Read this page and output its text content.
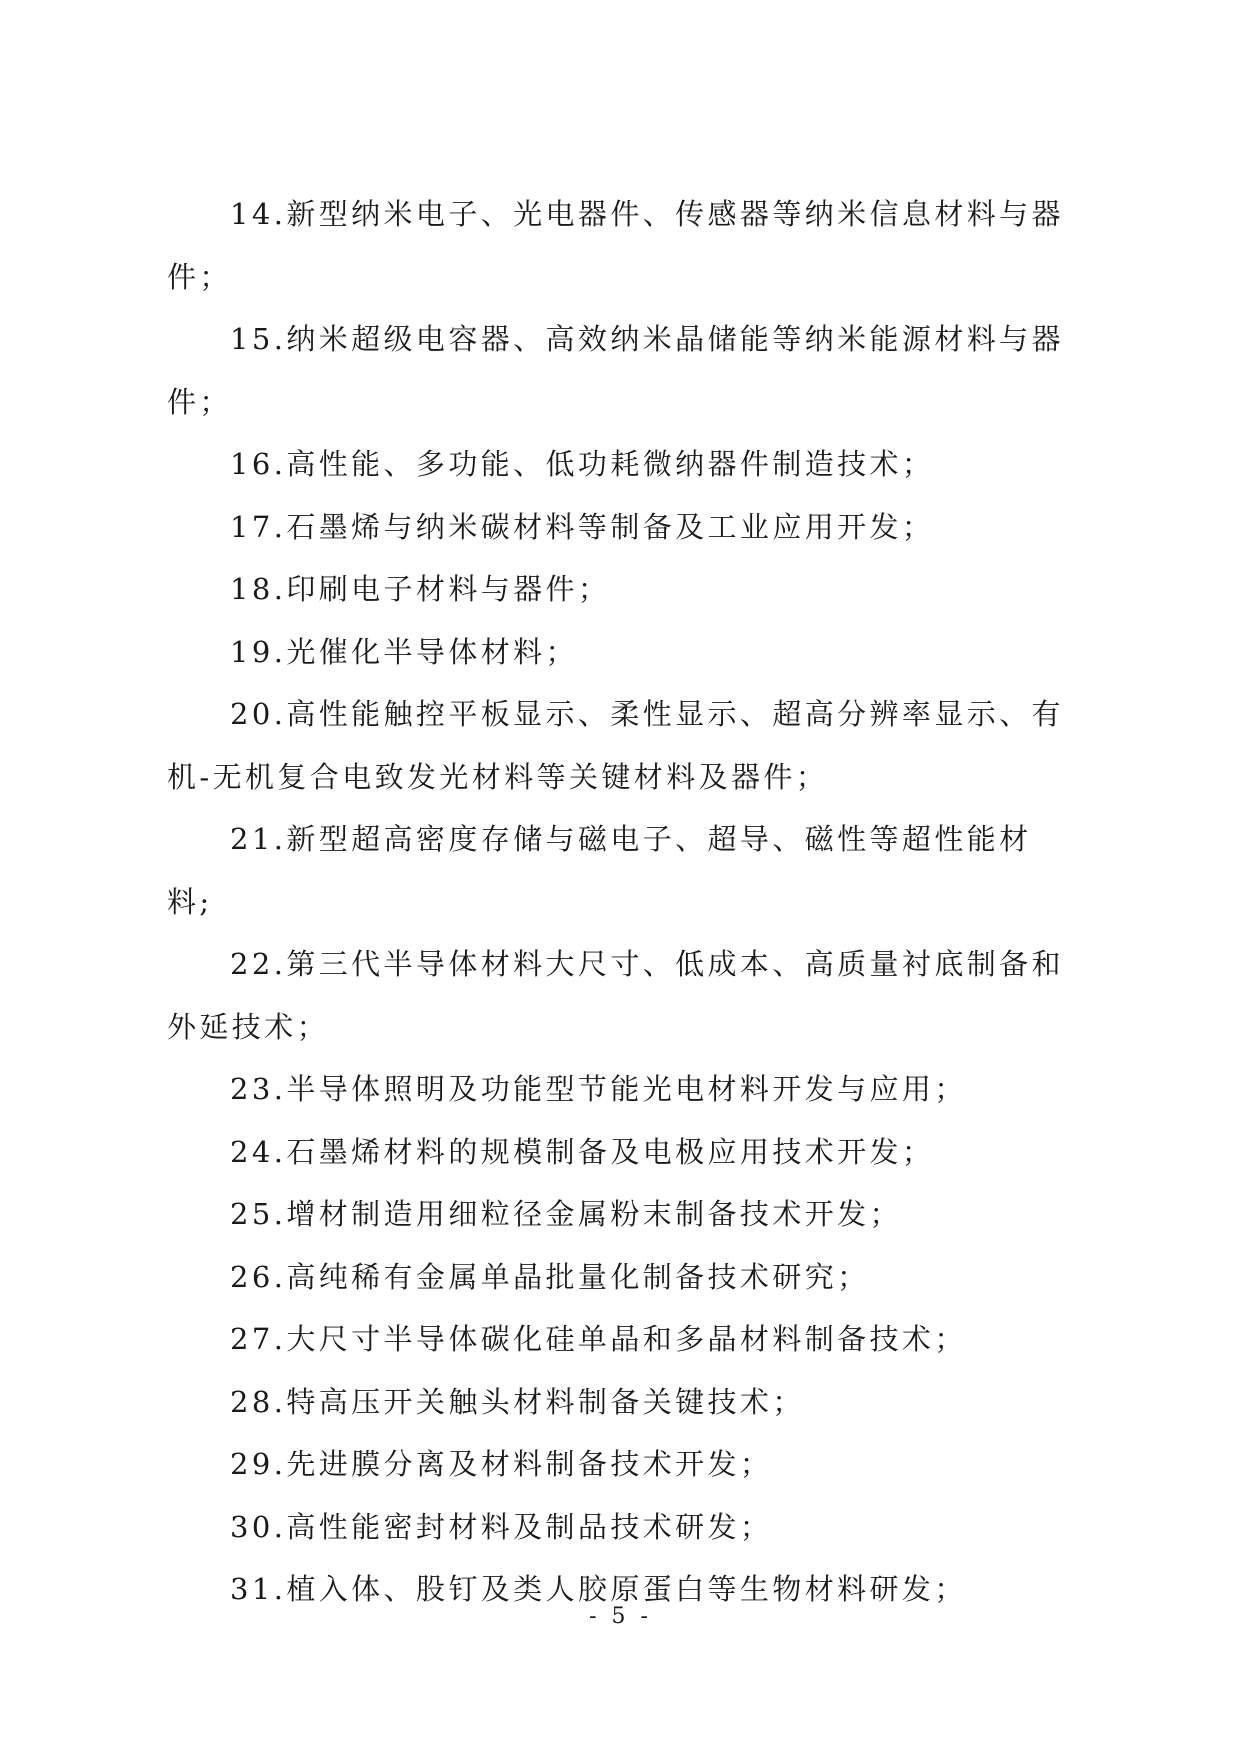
14.新型纳米电子、光电器件、传感器等纳米信息材料与器件；

15.纳米超级电容器、高效纳米晶储能等纳米能源材料与器件；

16.高性能、多功能、低功耗微纳器件制造技术；

17.石墨烯与纳米碳材料等制备及工业应用开发；

18.印刷电子材料与器件；

19.光催化半导体材料；

20.高性能触控平板显示、柔性显示、超高分辨率显示、有机-无机复合电致发光材料等关键材料及器件；

21.新型超高密度存储与磁电子、超导、磁性等超性能材料;

22.第三代半导体材料大尺寸、低成本、高质量衬底制备和外延技术；

23.半导体照明及功能型节能光电材料开发与应用；

24.石墨烯材料的规模制备及电极应用技术开发；

25.增材制造用细粒径金属粉末制备技术开发；

26.高纯稀有金属单晶批量化制备技术研究；

27.大尺寸半导体碳化硅单晶和多晶材料制备技术；

28.特高压开关触头材料制备关键技术；

29.先进膜分离及材料制备技术开发；

30.高性能密封材料及制品技术研发；

31.植入体、股钉及类人胶原蛋白等生物材料研发；

- 5 -
